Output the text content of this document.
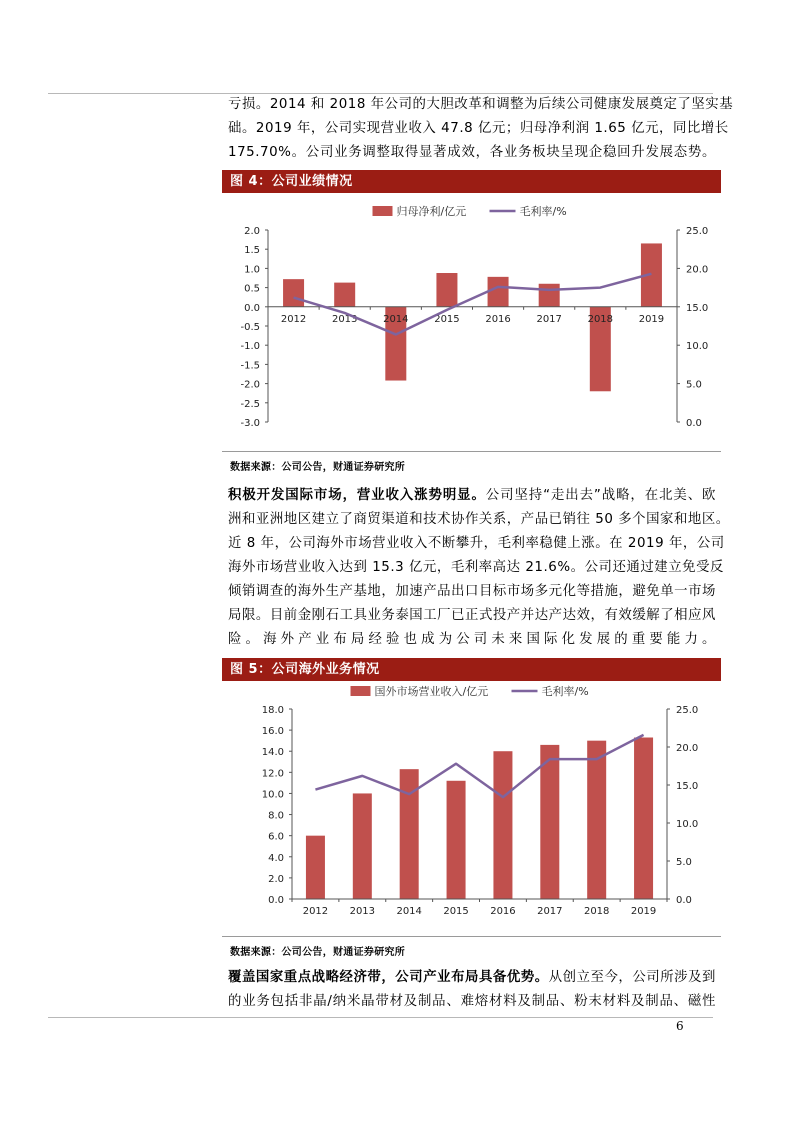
亏损。2014 和 2018 年公司的大胆改革和调整为后续公司健康发展奠定了坚实基
础。2019 年，公司实现营业收入 47.8 亿元；归母净利润 1.65 亿元，同比增长
175.70%。公司业务调整取得显著成效，各业务板块呈现企稳回升发展态势。
图 4：公司业绩情况
2.0
1.5
1.0
0.5
0.0
-0.5
-1.0
-1.5
-2.0
-2.5
-3.0
25.0
20.0
15.0
10.0
5.0
0.0
2012	2013	2014	2015	2016	2017	2018	2019
归母净利/亿元	毛利率/%
数据来源：公司公告，财通证券研究所
积极开发国际市场，营业收入涨势明显。公司坚持“走出去”战略，在北美、欧
洲和亚洲地区建立了商贸渠道和技术协作关系，产品已销往 50 多个国家和地区。
近 8 年，公司海外市场营业收入不断攀升，毛利率稳健上涨。在 2019 年，公司
海外市场营业收入达到 15.3 亿元，毛利率高达 21.6%。公司还通过建立免受反
倾销调查的海外生产基地，加速产品出口目标市场多元化等措施，避免单一市场
局限。目前金刚石工具业务泰国工厂已正式投产并达产达效，有效缓解了相应风
险。海外产业布局经验也成为公司未来国际化发展的重要能力。
图 5：公司海外业务情况
18.0
16.0
14.0
12.0
10.0
8.0
6.0
4.0
2.0
0.0
25.0
20.0
15.0
10.0
5.0
0.0
2012 2013 2014 2015 2016 2017 2018 2019
国外市场营业收入/亿元	毛利率/%
数据来源：公司公告，财通证券研究所
覆盖国家重点战略经济带，公司产业布局具备优势。从创立至今，公司所涉及到
的业务包括非晶/纳米晶带材及制品、难熔材料及制品、粉末材料及制品、磁性
6
